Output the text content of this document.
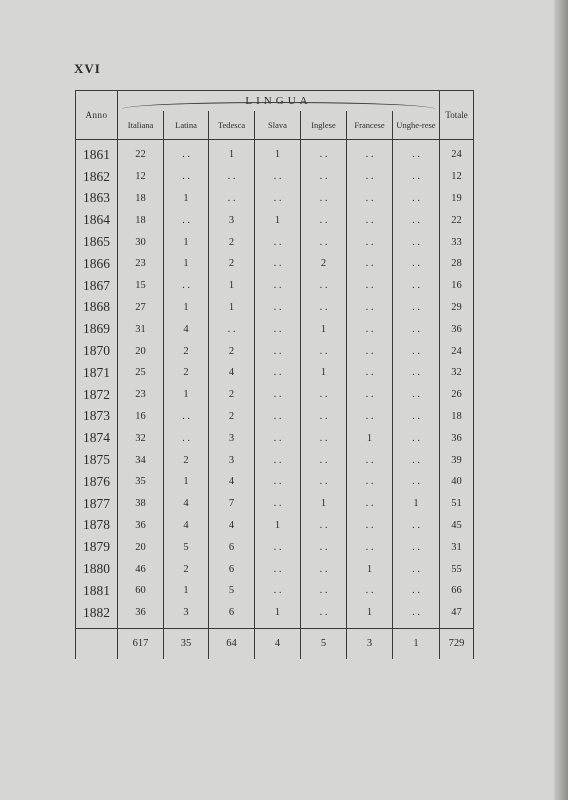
XVI
Anno	LINGUA							Totale
	Italiana	Latina	Tedesca	Slava	Inglese	Francese	Unghe-rese	
1861	22	. .	1	1	. .	. .	. .	24
1862	12	. .	. .	. .	. .	. .	. .	12
1863	18	1	. .	. .	. .	. .	. .	19
1864	18	. .	3	1	. .	. .	. .	22
1865	30	1	2	. .	. .	. .	. .	33
1866	23	1	2	. .	2	. .	. .	28
1867	15	. .	1	. .	. .	. .	. .	16
1868	27	1	1	. .	. .	. .	. .	29
1869	31	4	. .	. .	1	. .	. .	36
1870	20	2	2	. .	. .	. .	. .	24
1871	25	2	4	. .	1	. .	. .	32
1872	23	1	2	. .	. .	. .	. .	26
1873	16	. .	2	. .	. .	. .	. .	18
1874	32	. .	3	. .	. .	1	. .	36
1875	34	2	3	. .	. .	. .	. .	39
1876	35	1	4	. .	. .	. .	. .	40
1877	38	4	7	. .	1	. .	1	51
1878	36	4	4	1	. .	. .	. .	45
1879	20	5	6	. .	. .	. .	. .	31
1880	46	2	6	. .	. .	1	. .	55
1881	60	1	5	. .	. .	. .	. .	66
1882	36	3	6	1	. .	1	. .	47
	617	35	64	4	5	3	1	729
